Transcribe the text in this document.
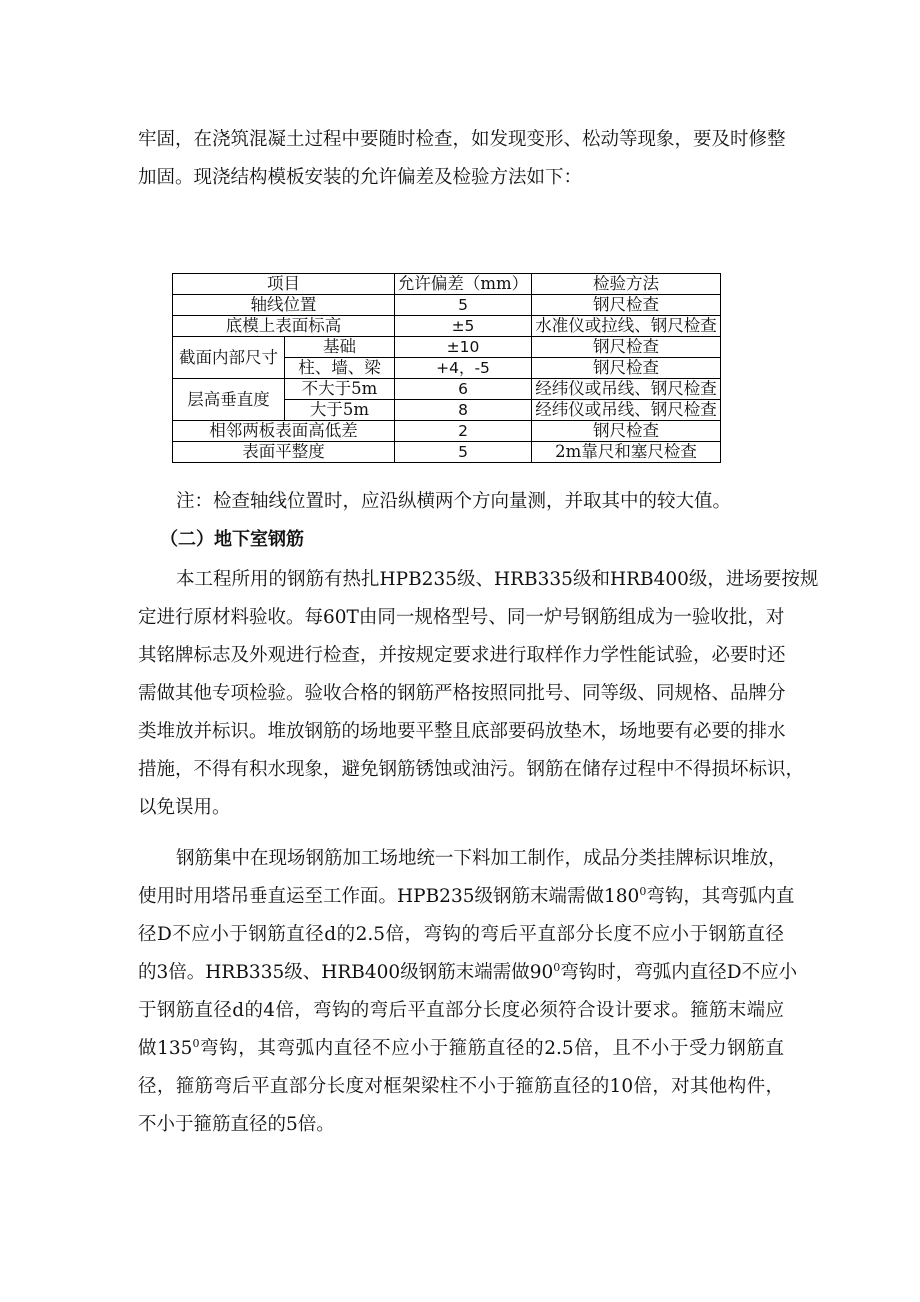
牢固，在浇筑混凝土过程中要随时检查，如发现变形、松动等现象，要及时修整
加固。现浇结构模板安装的允许偏差及检验方法如下：
项目		允许偏差（mm）	检验方法
轴线位置		5	钢尺检查
底模上表面标高		±5	水准仪或拉线、钢尺检查
截面内部尺寸	基础	±10	钢尺检查
	柱、墙、梁	+4，-5	钢尺检查
层高垂直度	不大于5m	6	经纬仪或吊线、钢尺检查
	大于5m	8	经纬仪或吊线、钢尺检查
相邻两板表面高低差		2	钢尺检查
表面平整度		5	2m靠尺和塞尺检查
注：检查轴线位置时，应沿纵横两个方向量测，并取其中的较大值。
（二）地下室钢筋
本工程所用的钢筋有热扎HPB235级、HRB335级和HRB400级，进场要按规
定进行原材料验收。每60T由同一规格型号、同一炉号钢筋组成为一验收批，对
其铭牌标志及外观进行检查，并按规定要求进行取样作力学性能试验，必要时还
需做其他专项检验。验收合格的钢筋严格按照同批号、同等级、同规格、品牌分
类堆放并标识。堆放钢筋的场地要平整且底部要码放垫木，场地要有必要的排水
措施，不得有积水现象，避免钢筋锈蚀或油污。钢筋在储存过程中不得损坏标识，
以免误用。
钢筋集中在现场钢筋加工场地统一下料加工制作，成品分类挂牌标识堆放，
使用时用塔吊垂直运至工作面。HPB235级钢筋末端需做$180^0$弯钩，其弯弧内直
径D不应小于钢筋直径d的2.5倍，弯钩的弯后平直部分长度不应小于钢筋直径
的3倍。HRB335级、HRB400级钢筋末端需做$90^0$弯钩时，弯弧内直径D不应小
于钢筋直径d的4倍，弯钩的弯后平直部分长度必须符合设计要求。箍筋末端应
做$135^0$弯钩，其弯弧内直径不应小于箍筋直径的2.5倍，且不小于受力钢筋直
径，箍筋弯后平直部分长度对框架梁柱不小于箍筋直径的10倍，对其他构件，
不小于箍筋直径的5倍。
